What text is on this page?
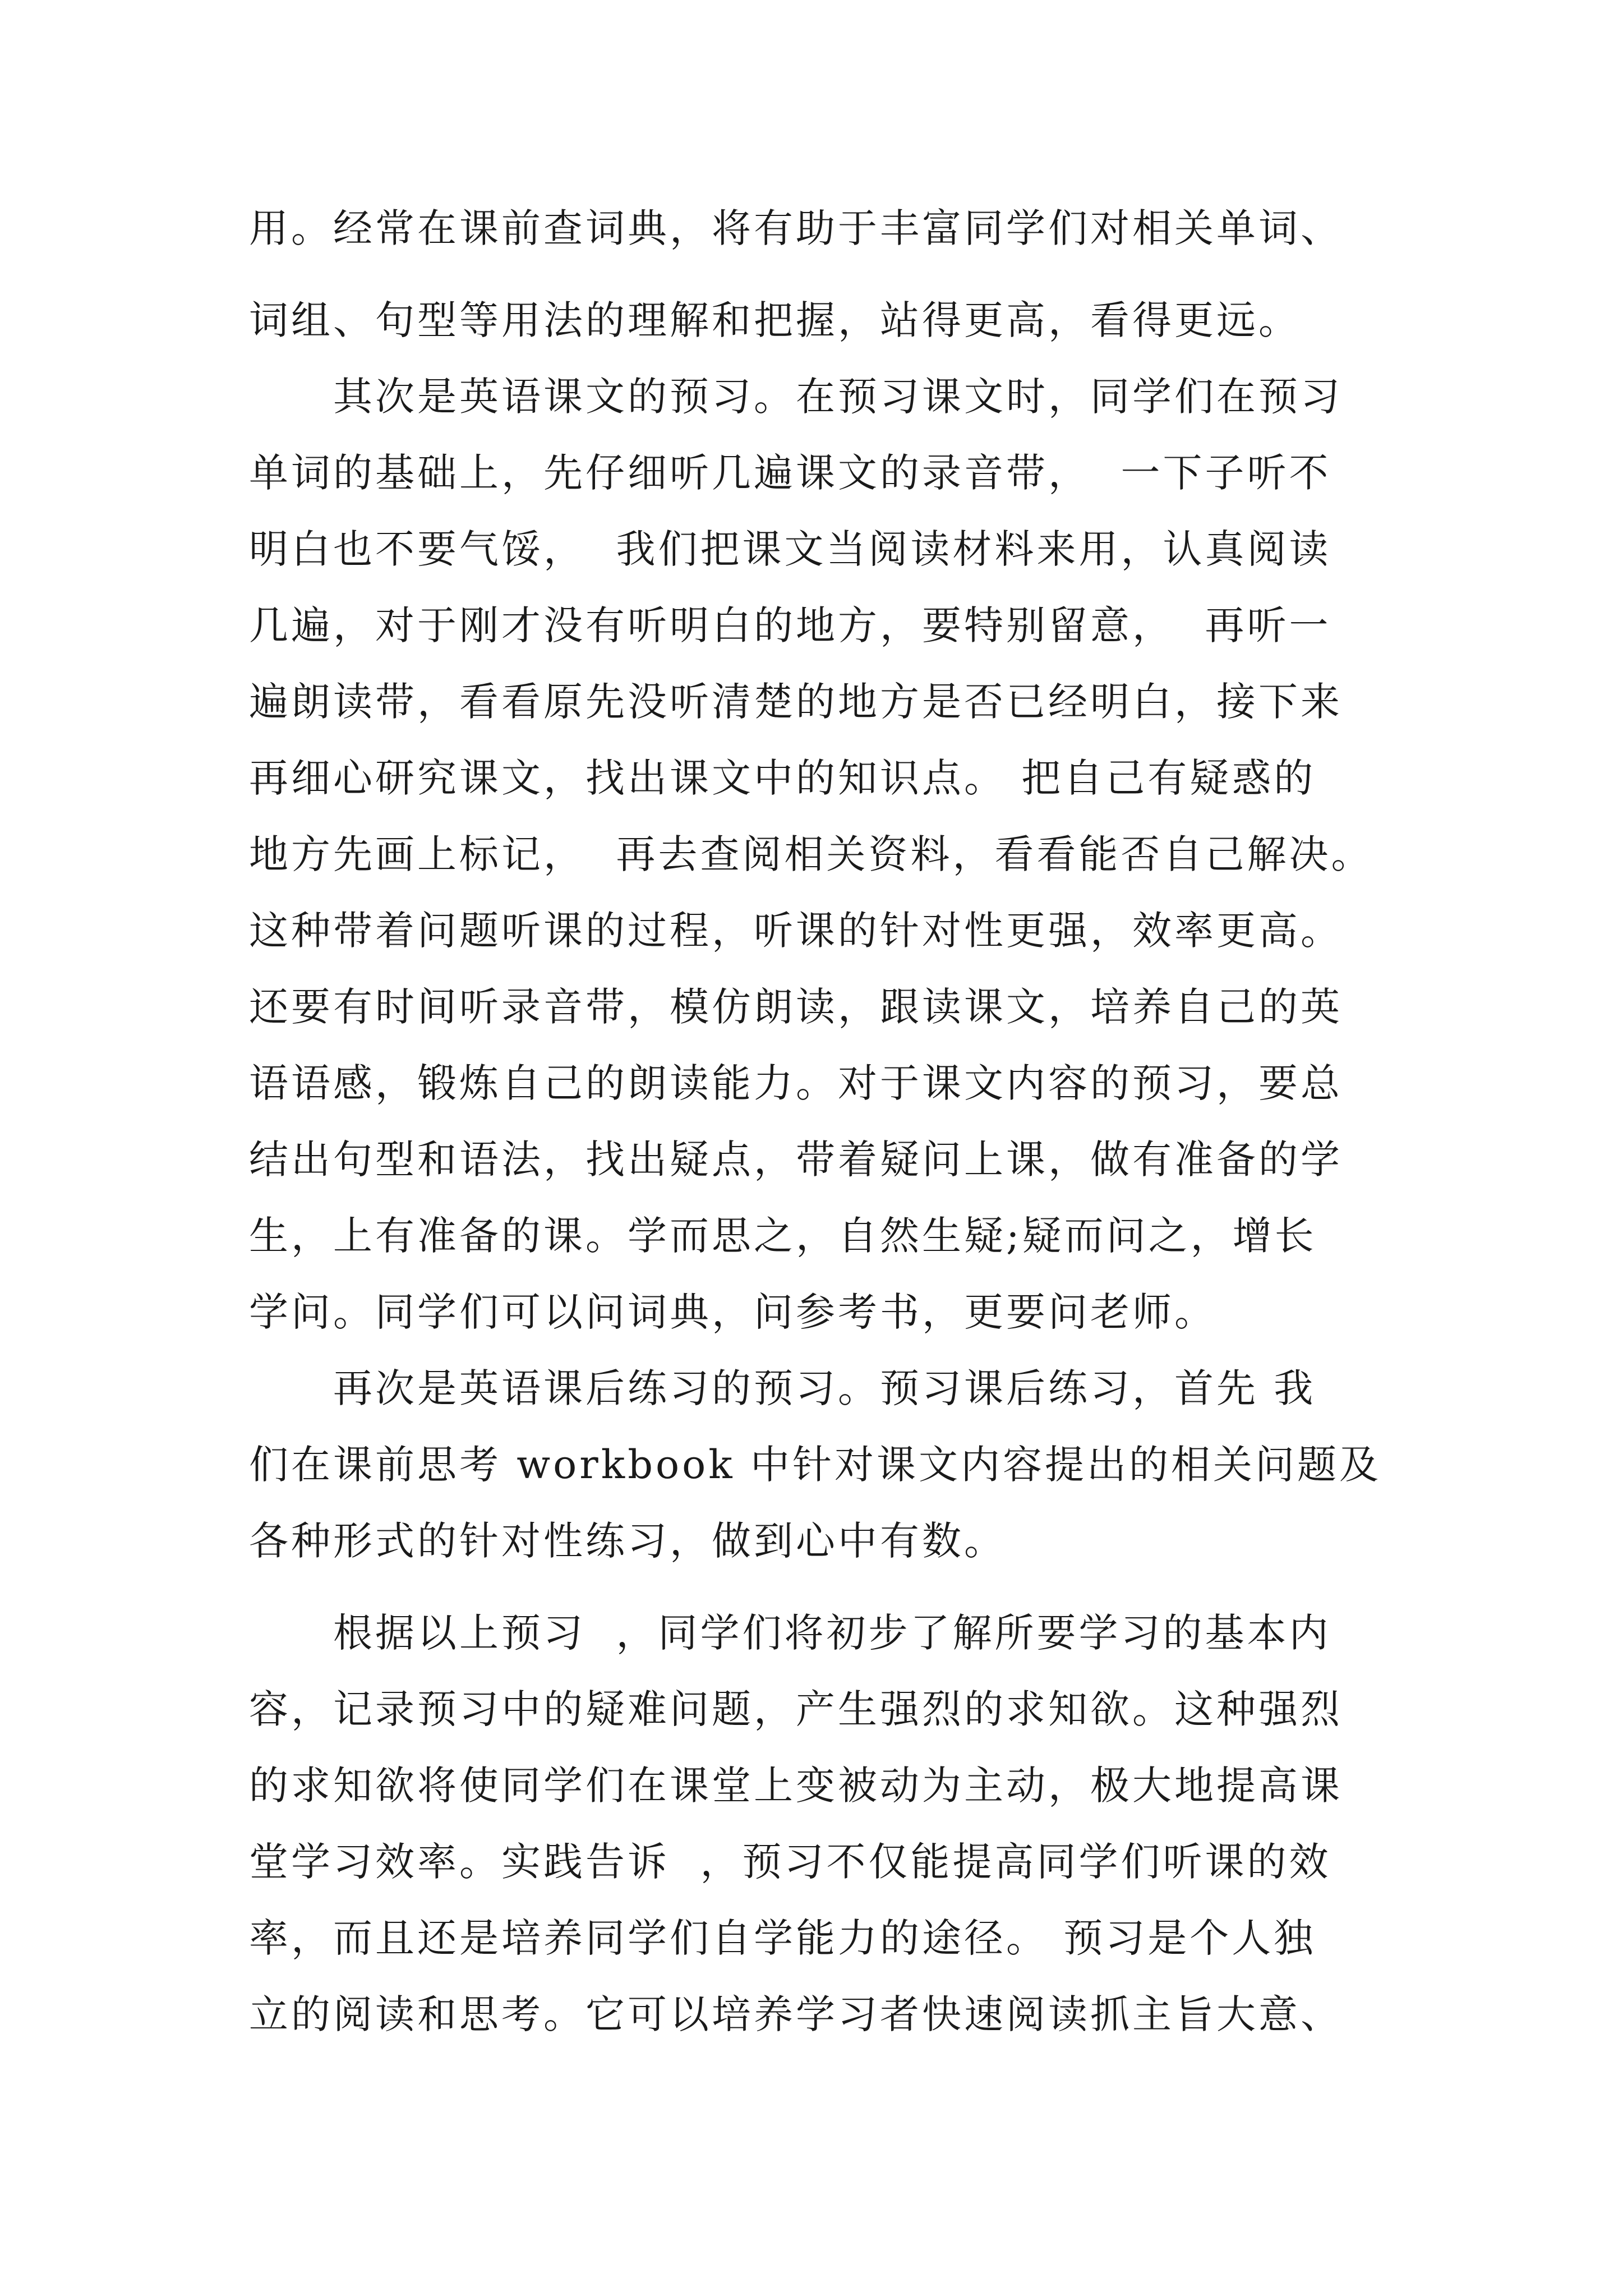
用。经常在课前查词典，将有助于丰富同学们对相关单词、
词组、句型等用法的理解和把握，站得更高，看得更远。
　　其次是英语课文的预习。在预习课文时，同学们在预习
单词的基础上，先仔细听几遍课文的录音带，  一下子听不
明白也不要气馁，  我们把课文当阅读材料来用，认真阅读
几遍，对于刚才没有听明白的地方，要特别留意，  再听一
遍朗读带，看看原先没听清楚的地方是否已经明白，接下来
再细心研究课文，找出课文中的知识点。 把自己有疑惑的
地方先画上标记，  再去查阅相关资料，看看能否自己解决。
这种带着问题听课的过程，听课的针对性更强，效率更高。
还要有时间听录音带，模仿朗读，跟读课文，培养自己的英
语语感，锻炼自己的朗读能力。对于课文内容的预习，要总
结出句型和语法，找出疑点，带着疑问上课，做有准备的学
生，上有准备的课。学而思之，自然生疑;疑而问之，增长
学问。同学们可以问词典，问参考书，更要问老师。
　　再次是英语课后练习的预习。预习课后练习，首先 我
们在课前思考 workbook 中针对课文内容提出的相关问题及
各种形式的针对性练习，做到心中有数。
　　根据以上预习  ，同学们将初步了解所要学习的基本内
容，记录预习中的疑难问题，产生强烈的求知欲。这种强烈
的求知欲将使同学们在课堂上变被动为主动，极大地提高课
堂学习效率。实践告诉  ，预习不仅能提高同学们听课的效
率，而且还是培养同学们自学能力的途径。 预习是个人独
立的阅读和思考。它可以培养学习者快速阅读抓主旨大意、
